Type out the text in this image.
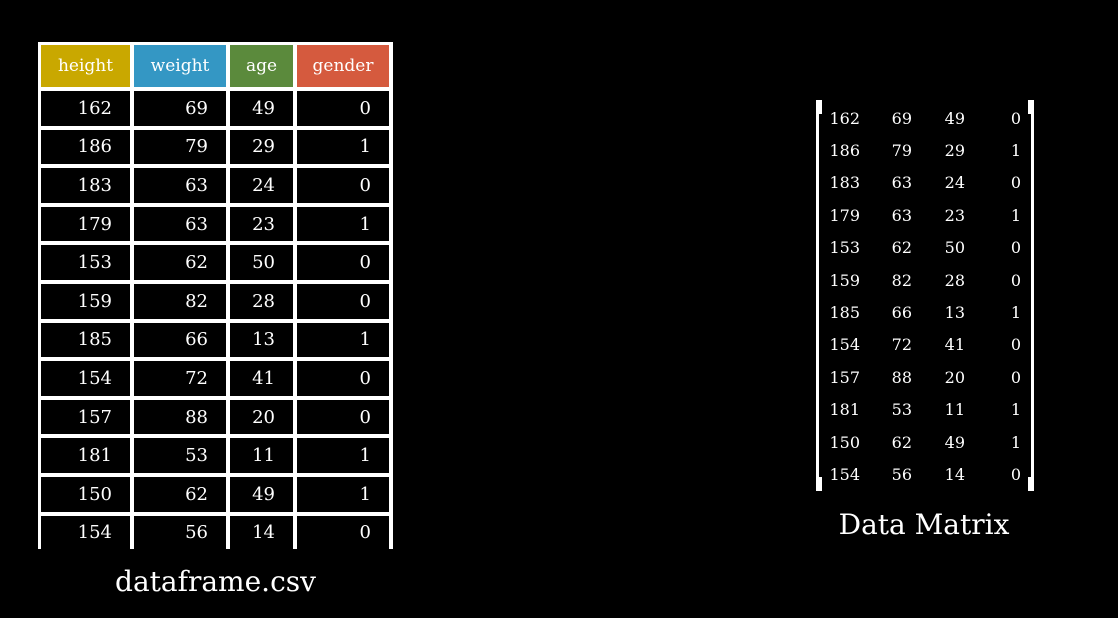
height	weight	age	gender
162	69	49	0
186	79	29	1
183	63	24	0
179	63	23	1
153	62	50	0
159	82	28	0
185	66	13	1
154	72	41	0
157	88	20	0
181	53	11	1
150	62	49	1
154	56	14	0
dataframe.csv
162	69	49	0
186	79	29	1
183	63	24	0
179	63	23	1
153	62	50	0
159	82	28	0
185	66	13	1
154	72	41	0
157	88	20	0
181	53	11	1
150	62	49	1
154	56	14	0
Data Matrix
